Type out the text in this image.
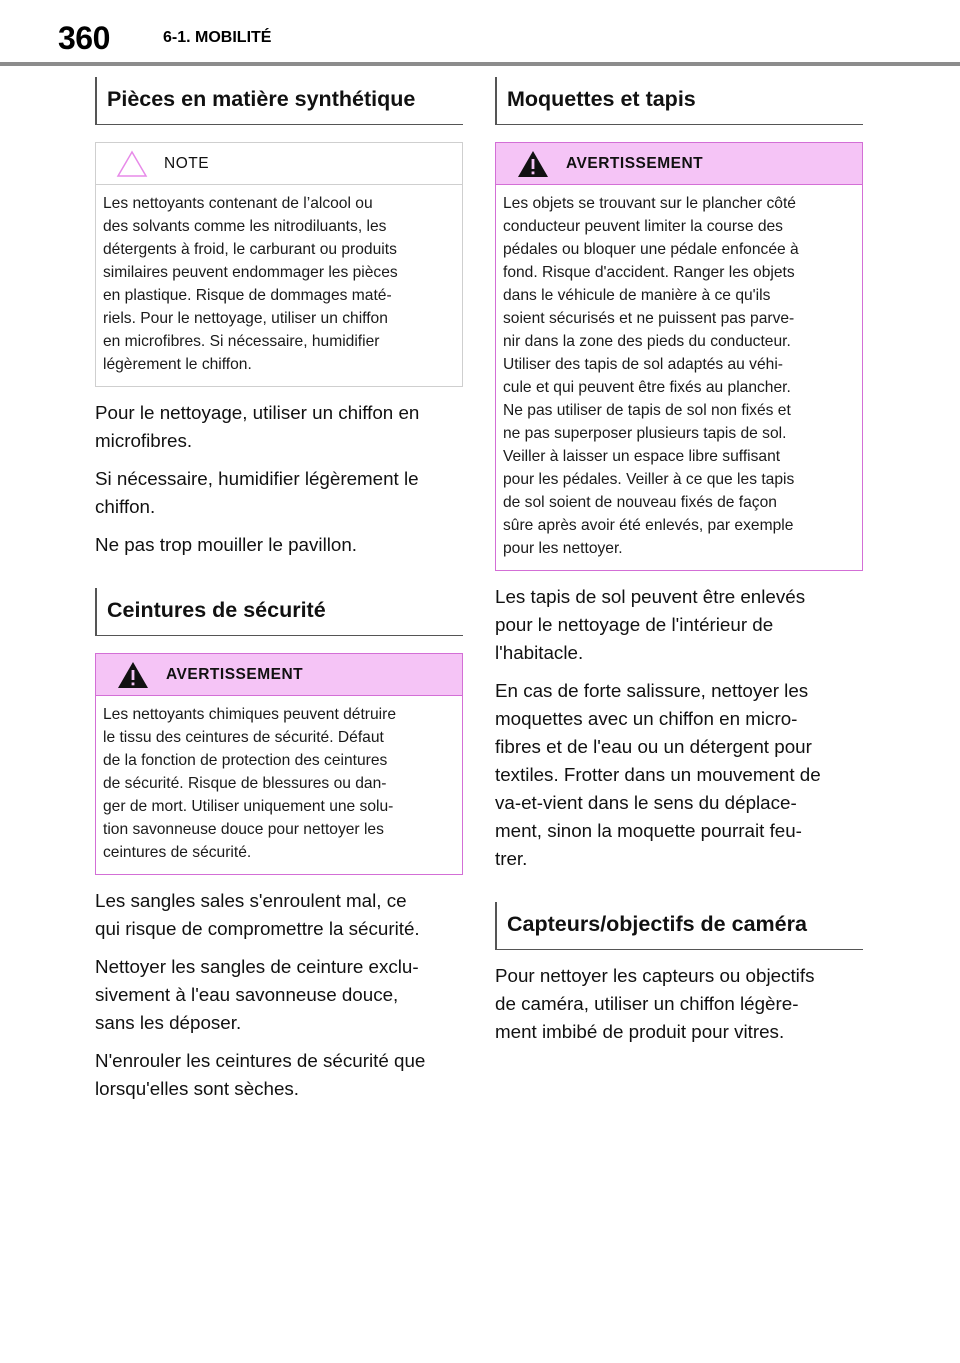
360	6-1. MOBILITÉ
Pièces en matière synthétique
NOTE
Les nettoyants contenant de l’alcool ou
des solvants comme les nitrodiluants, les
détergents à froid, le carburant ou produits
similaires peuvent endommager les pièces
en plastique. Risque de dommages maté-
riels. Pour le nettoyage, utiliser un chiffon
en microfibres. Si nécessaire, humidifier
légèrement le chiffon.

Pour le nettoyage, utiliser un chiffon en
microfibres.

Si nécessaire, humidifier légèrement le
chiffon.

Ne pas trop mouiller le pavillon.

Ceintures de sécurité
AVERTISSEMENT
Les nettoyants chimiques peuvent détruire
le tissu des ceintures de sécurité. Défaut
de la fonction de protection des ceintures
de sécurité. Risque de blessures ou dan-
ger de mort. Utiliser uniquement une solu-
tion savonneuse douce pour nettoyer les
ceintures de sécurité.

Les sangles sales s'enroulent mal, ce
qui risque de compromettre la sécurité.

Nettoyer les sangles de ceinture exclu-
sivement à l'eau savonneuse douce,
sans les déposer.

N'enrouler les ceintures de sécurité que
lorsqu'elles sont sèches.

Moquettes et tapis
AVERTISSEMENT
Les objets se trouvant sur le plancher côté
conducteur peuvent limiter la course des
pédales ou bloquer une pédale enfoncée à
fond. Risque d'accident. Ranger les objets
dans le véhicule de manière à ce qu'ils
soient sécurisés et ne puissent pas parve-
nir dans la zone des pieds du conducteur.
Utiliser des tapis de sol adaptés au véhi-
cule et qui peuvent être fixés au plancher.
Ne pas utiliser de tapis de sol non fixés et
ne pas superposer plusieurs tapis de sol.
Veiller à laisser un espace libre suffisant
pour les pédales. Veiller à ce que les tapis
de sol soient de nouveau fixés de façon
sûre après avoir été enlevés, par exemple
pour les nettoyer.

Les tapis de sol peuvent être enlevés
pour le nettoyage de l'intérieur de
l'habitacle.

En cas de forte salissure, nettoyer les
moquettes avec un chiffon en micro-
fibres et de l'eau ou un détergent pour
textiles. Frotter dans un mouvement de
va-et-vient dans le sens du déplace-
ment, sinon la moquette pourrait feu-
trer.

Capteurs/objectifs de caméra

Pour nettoyer les capteurs ou objectifs
de caméra, utiliser un chiffon légère-
ment imbibé de produit pour vitres.
